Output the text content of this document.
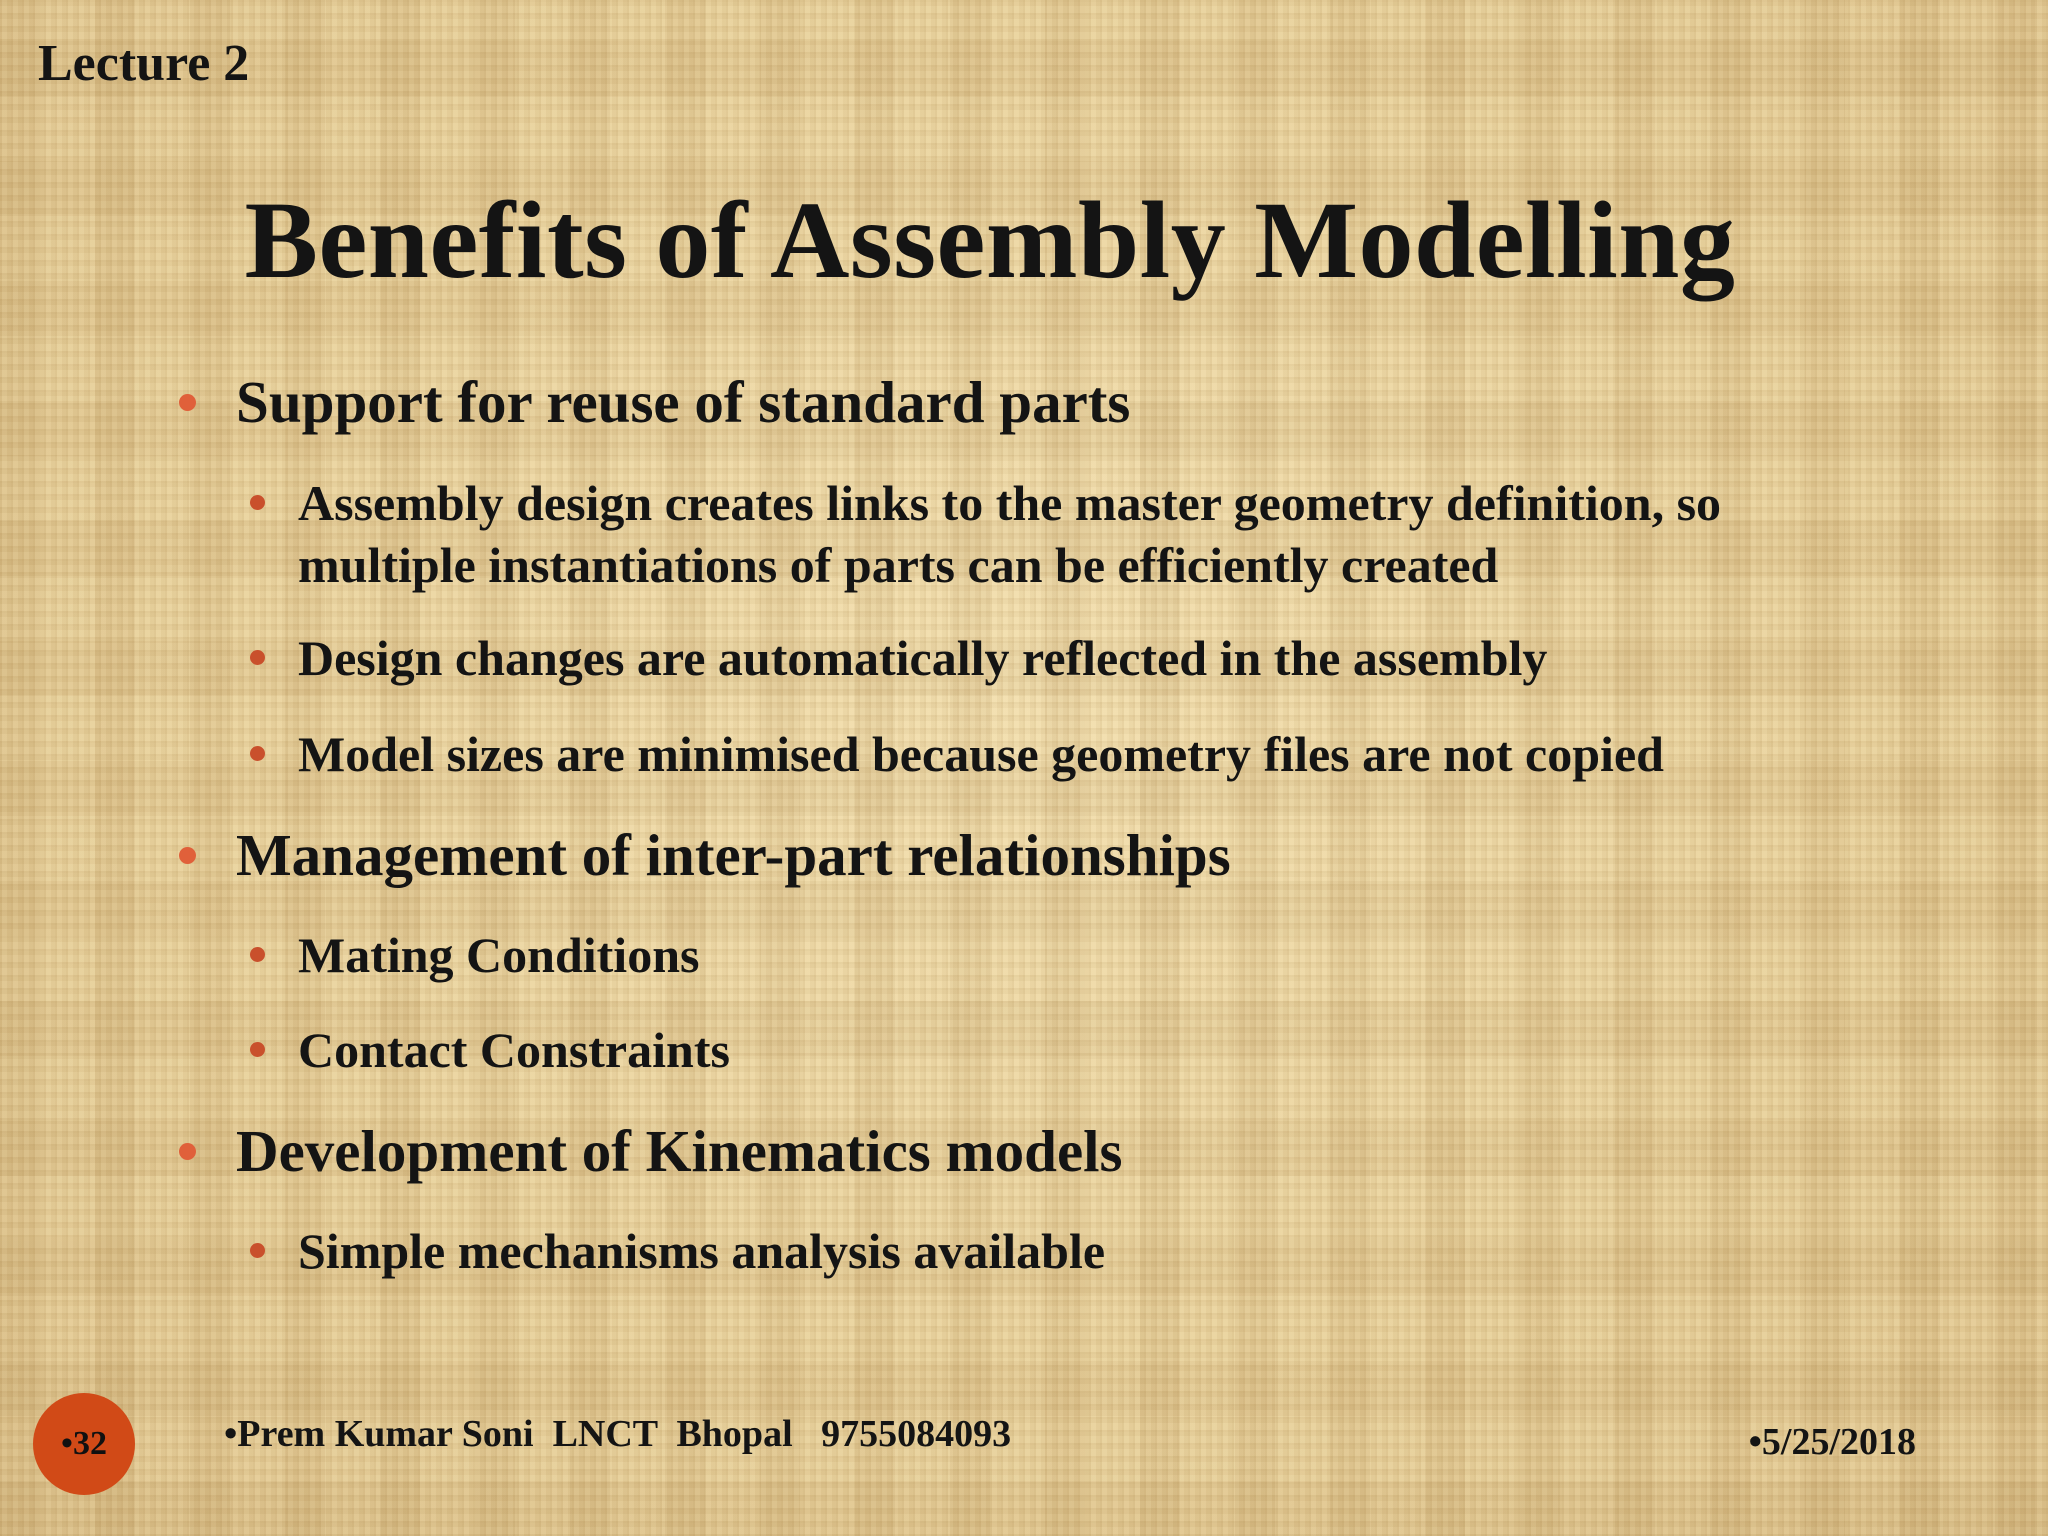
Lecture 2
Benefits of Assembly Modelling
Support for reuse of standard parts
Assembly design creates links to the master geometry definition, so multiple instantiations of parts can be efficiently created
Design changes are automatically reflected in the assembly
Model sizes are minimised because geometry files are not copied
Management of inter-part relationships
Mating Conditions
Contact Constraints
Development of Kinematics models
Simple mechanisms analysis available
•32	•Prem Kumar Soni  LNCT  Bhopal   9755084093	•5/25/2018
